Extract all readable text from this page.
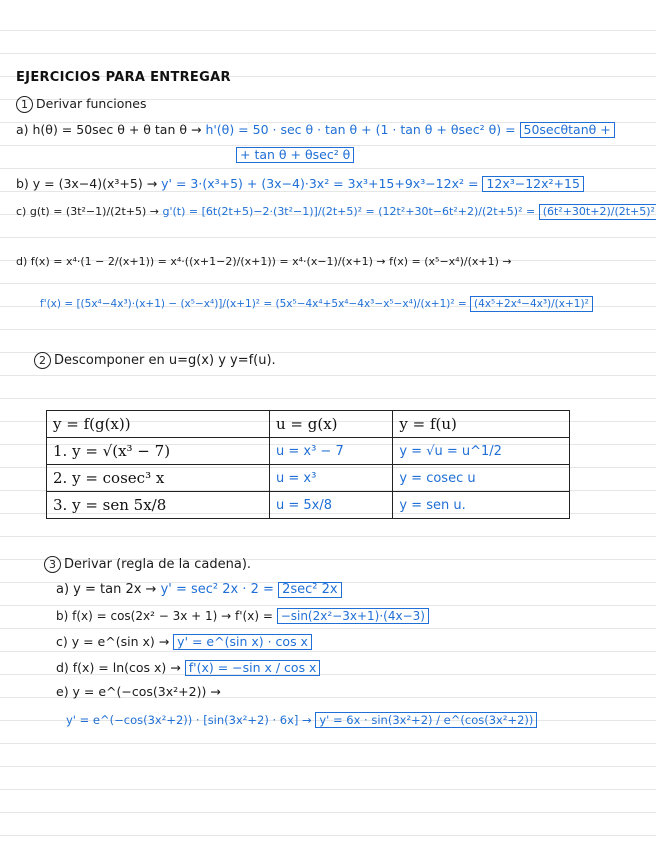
EJERCICIOS PARA ENTREGAR
1 Derivar funciones
a) h(θ) = 50sec θ + θ tan θ → h'(θ) = 50 · sec θ · tan θ + (1 · tan θ + θsec² θ) = 50secθtanθ +
+ tan θ + θsec² θ
b) y = (3x−4)(x³+5) → y' = 3·(x³+5) + (3x−4)·3x² = 3x³+15+9x³−12x² = 12x³−12x²+15
c) g(t) = (3t²−1)/(2t+5) → g'(t) = [6t(2t+5)−2·(3t²−1)]/(2t+5)² = (12t²+30t−6t²+2)/(2t+5)² = (6t²+30t+2)/(2t+5)²
d) f(x) = x⁴·(1 − 2/(x+1)) = x⁴·((x+1−2)/(x+1)) = x⁴·(x−1)/(x+1) → f(x) = (x⁵−x⁴)/(x+1) →
f'(x) = [(5x⁴−4x³)·(x+1) − (x⁵−x⁴)]/(x+1)² = (5x⁵−4x⁴+5x⁴−4x³−x⁵−x⁴)/(x+1)² = (4x⁵+2x⁴−4x³)/(x+1)²
2 Descomponer en u=g(x) y y=f(u).
y = f(g(x))	u = g(x)	y = f(u)
1. y = √(x³ − 7)	u = x³ − 7	y = √u = u^1/2
2. y = cosec³ x	u = x³	y = cosec u
3. y = sen 5x/8	u = 5x/8	y = sen u.
3 Derivar (regla de la cadena).
a) y = tan 2x → y' = sec² 2x · 2 = 2sec² 2x
b) f(x) = cos(2x² − 3x + 1) → f'(x) = −sin(2x²−3x+1)·(4x−3)
c) y = e^(sin x) → y' = e^(sin x) · cos x
d) f(x) = ln(cos x) → f'(x) = −sin x / cos x
e) y = e^(−cos(3x²+2)) →
y' = e^(−cos(3x²+2)) · [sin(3x²+2) · 6x] → y' = 6x · sin(3x²+2) / e^(cos(3x²+2))
